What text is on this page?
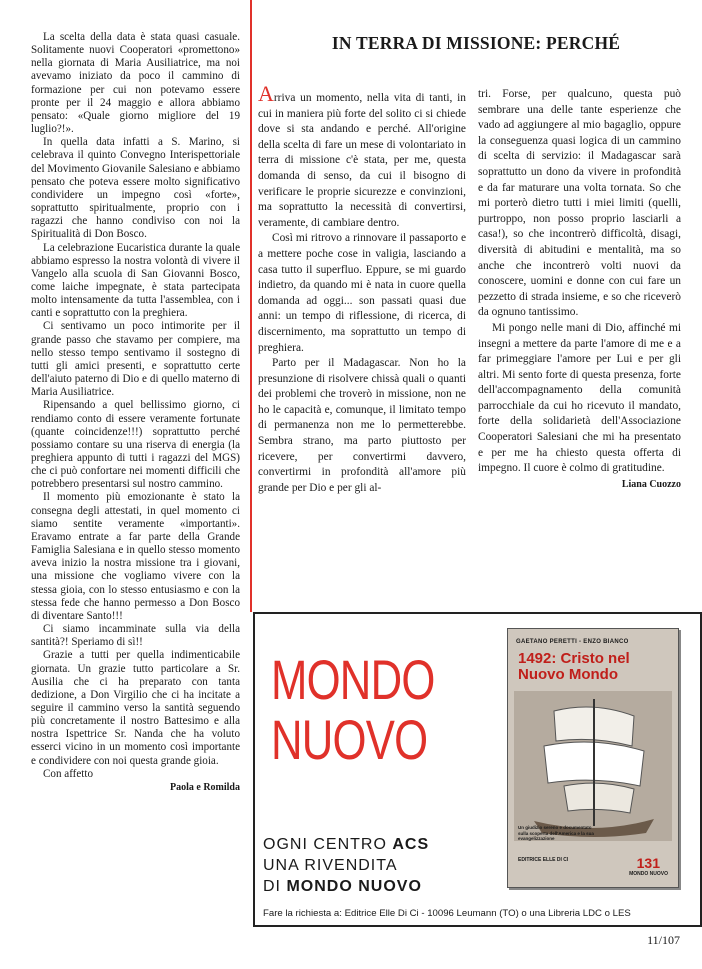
La scelta della data è stata quasi casuale. Solitamente nuovi Cooperatori «promettono» nella giornata di Maria Ausiliatrice, ma noi avevamo iniziato da poco il cammino di formazione per cui non potevamo essere pronte per il 24 maggio e allora abbiamo pensato: «Quale giorno migliore del 19 luglio?!».

In quella data infatti a S. Marino, si celebrava il quinto Convegno Interispettoriale del Movimento Giovanile Salesiano e abbiamo pensato che poteva essere molto significativo condividere un impegno così «forte», soprattutto spiritualmente, proprio con i ragazzi che hanno condiviso con noi la Spiritualità di Don Bosco.

La celebrazione Eucaristica durante la quale abbiamo espresso la nostra volontà di vivere il Vangelo alla scuola di San Giovanni Bosco, come laiche impegnate, è stata partecipata molto intensamente da tutta l'assemblea, con i canti e soprattutto con la preghiera.

Ci sentivamo un poco intimorite per il grande passo che stavamo per compiere, ma nello stesso tempo sentivamo il sostegno di tutti gli amici presenti, e soprattutto certe dell'aiuto paterno di Dio e di quello materno di Maria Ausiliatrice.

Ripensando a quel bellissimo giorno, ci rendiamo conto di essere veramente fortunate (quante coincidenze!!!) soprattutto perché possiamo contare su una riserva di energia (la preghiera appunto di tutti i ragazzi del MGS) che ci può confortare nei momenti difficili che potrebbero presentarsi sul nostro cammino.

Il momento più emozionante è stato la consegna degli attestati, in quel momento ci siamo sentite veramente «importanti». Eravamo entrate a far parte della Grande Famiglia Salesiana e in quello stesso momento aveva inizio la nostra missione tra i giovani, una missione che vogliamo vivere con la stessa gioia, con lo stesso entusiasmo e con la stessa fede che hanno permesso a Don Bosco di diventare Santo!!!

Ci siamo incamminate sulla via della santità?! Speriamo di sì!!

Grazie a tutti per quella indimenticabile giornata. Un grazie tutto particolare a Sr. Ausilia che ci ha preparato con tanta dedizione, a Don Virgilio che ci ha incitate a seguire il cammino verso la santità seguendo più concretamente il nostro Battesimo e alla nostra Ispettrice Sr. Nanda che ha voluto esserci vicino in un momento così importante e condividere con noi questa grande gioia.

Con affetto

Paola e Romilda

IN TERRA DI MISSIONE: PERCHÉ

Arriva un momento, nella vita di tanti, in cui in maniera più forte del solito ci si chiede dove si sta andando e perché. All'origine della scelta di fare un mese di volontariato in terra di missione c'è stata, per me, questa domanda di senso, da cui il bisogno di verificare le proprie sicurezze e convinzioni, ma soprattutto la necessità di convertirsi, veramente, di cambiare dentro.

Così mi ritrovo a rinnovare il passaporto e a mettere poche cose in valigia, lasciando a casa tutto il superfluo. Eppure, se mi guardo indietro, da quando mi è nata in cuore quella domanda ad oggi... son passati quasi due anni: un tempo di riflessione, di ricerca, di discernimento, ma soprattutto un tempo di preghiera.

Parto per il Madagascar. Non ho la presunzione di risolvere chissà quali o quanti dei problemi che troverò in missione, non ne ho le capacità e, comunque, il limitato tempo di permanenza non me lo permetterebbe. Sembra strano, ma parto piuttosto per ricevere, per convertirmi davvero, convertirmi in profondità all'amore più grande per Dio e per gli al-

tri. Forse, per qualcuno, questa può sembrare una delle tante esperienze che vado ad aggiungere al mio bagaglio, oppure la conseguenza quasi logica di un cammino di scelta di servizio: il Madagascar sarà soprattutto un dono da vivere in profondità e da far maturare una volta tornata. So che mi porterò dietro tutti i miei limiti (quelli, purtroppo, non posso proprio lasciarli a casa!), so che incontrerò difficoltà, disagi, diversità di abitudini e mentalità, ma so anche che incontrerò volti nuovi da conoscere, uomini e donne con cui fare un pezzetto di strada insieme, e so che riceverò da ognuno tantissimo.

Mi pongo nelle mani di Dio, affinché mi insegni a mettere da parte l'amore di me e a far primeggiare l'amore per Lui e per gli altri. Mi sento forte di questa presenza, forte dell'accompagnamento della comunità parrocchiale da cui ho ricevuto il mandato, forte della solidarietà dell'Associazione Cooperatori Salesiani che mi ha presentato e per me ha chiesto questa offerta di impegno. Il cuore è colmo di gratitudine.

Liana Cuozzo

MONDO
NUOVO
OGNI CENTRO ACS
UNA RIVENDITA
DI MONDO NUOVO
GAETANO PERETTI - ENZO BIANCO
1492: Cristo nel Nuovo Mondo
Un giudizio sereno e documentato sulla scoperta dell'America e la sua evangelizzazione
EDITRICE ELLE DI CI	131
MONDO NUOVO
Fare la richiesta a: Editrice Elle Di Ci - 10096 Leumann (TO) o una Libreria LDC o LES
11/107
